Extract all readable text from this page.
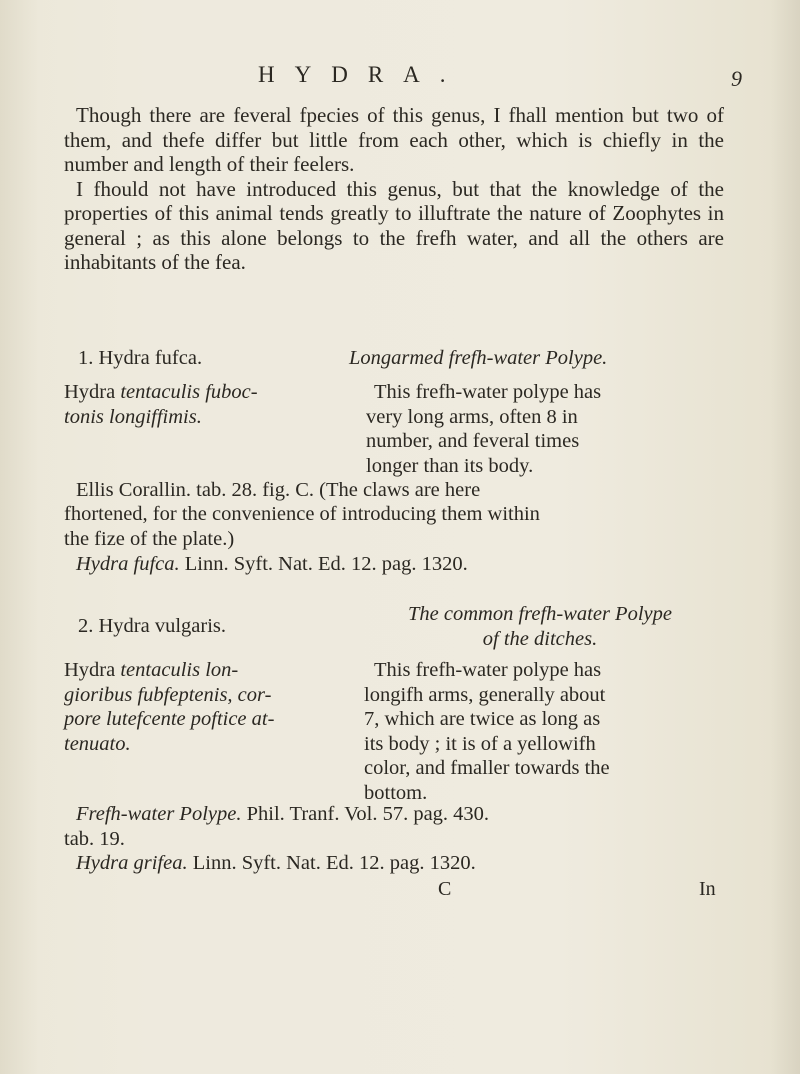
HYDRA.	9

Though there are feveral fpecies of this genus, I fhall mention but two of them, and thefe differ but little from each other, which is chiefly in the number and length of their feelers.

I fhould not have introduced this genus, but that the knowledge of the properties of this animal tends greatly to illuftrate the nature of Zoophytes in general ; as this alone belongs to the frefh water, and all the others are inhabitants of the fea.

1. Hydra fufca.	Longarmed frefh-water Polype.
Hydra tentaculis fuboc-
tonis longiffimis.
This frefh-water polype has
very long arms, often 8 in
number, and feveral times
longer than its body.
Ellis Corallin. tab. 28. fig. C. (The claws are here
fhortened, for the convenience of introducing them within
the fize of the plate.)
Hydra fufca. Linn. Syft. Nat. Ed. 12. pag. 1320.
2. Hydra vulgaris.
The common frefh-water Polype
of the ditches.
Hydra tentaculis lon-
gioribus fubfeptenis, cor-
pore lutefcente poftice at-
tenuato.
This frefh-water polype has
longifh arms, generally about
7, which are twice as long as
its body ; it is of a yellowifh
color, and fmaller towards the
bottom.
Frefh-water Polype. Phil. Tranf. Vol. 57. pag. 430.
tab. 19.
Hydra grifea. Linn. Syft. Nat. Ed. 12. pag. 1320.
C	In
